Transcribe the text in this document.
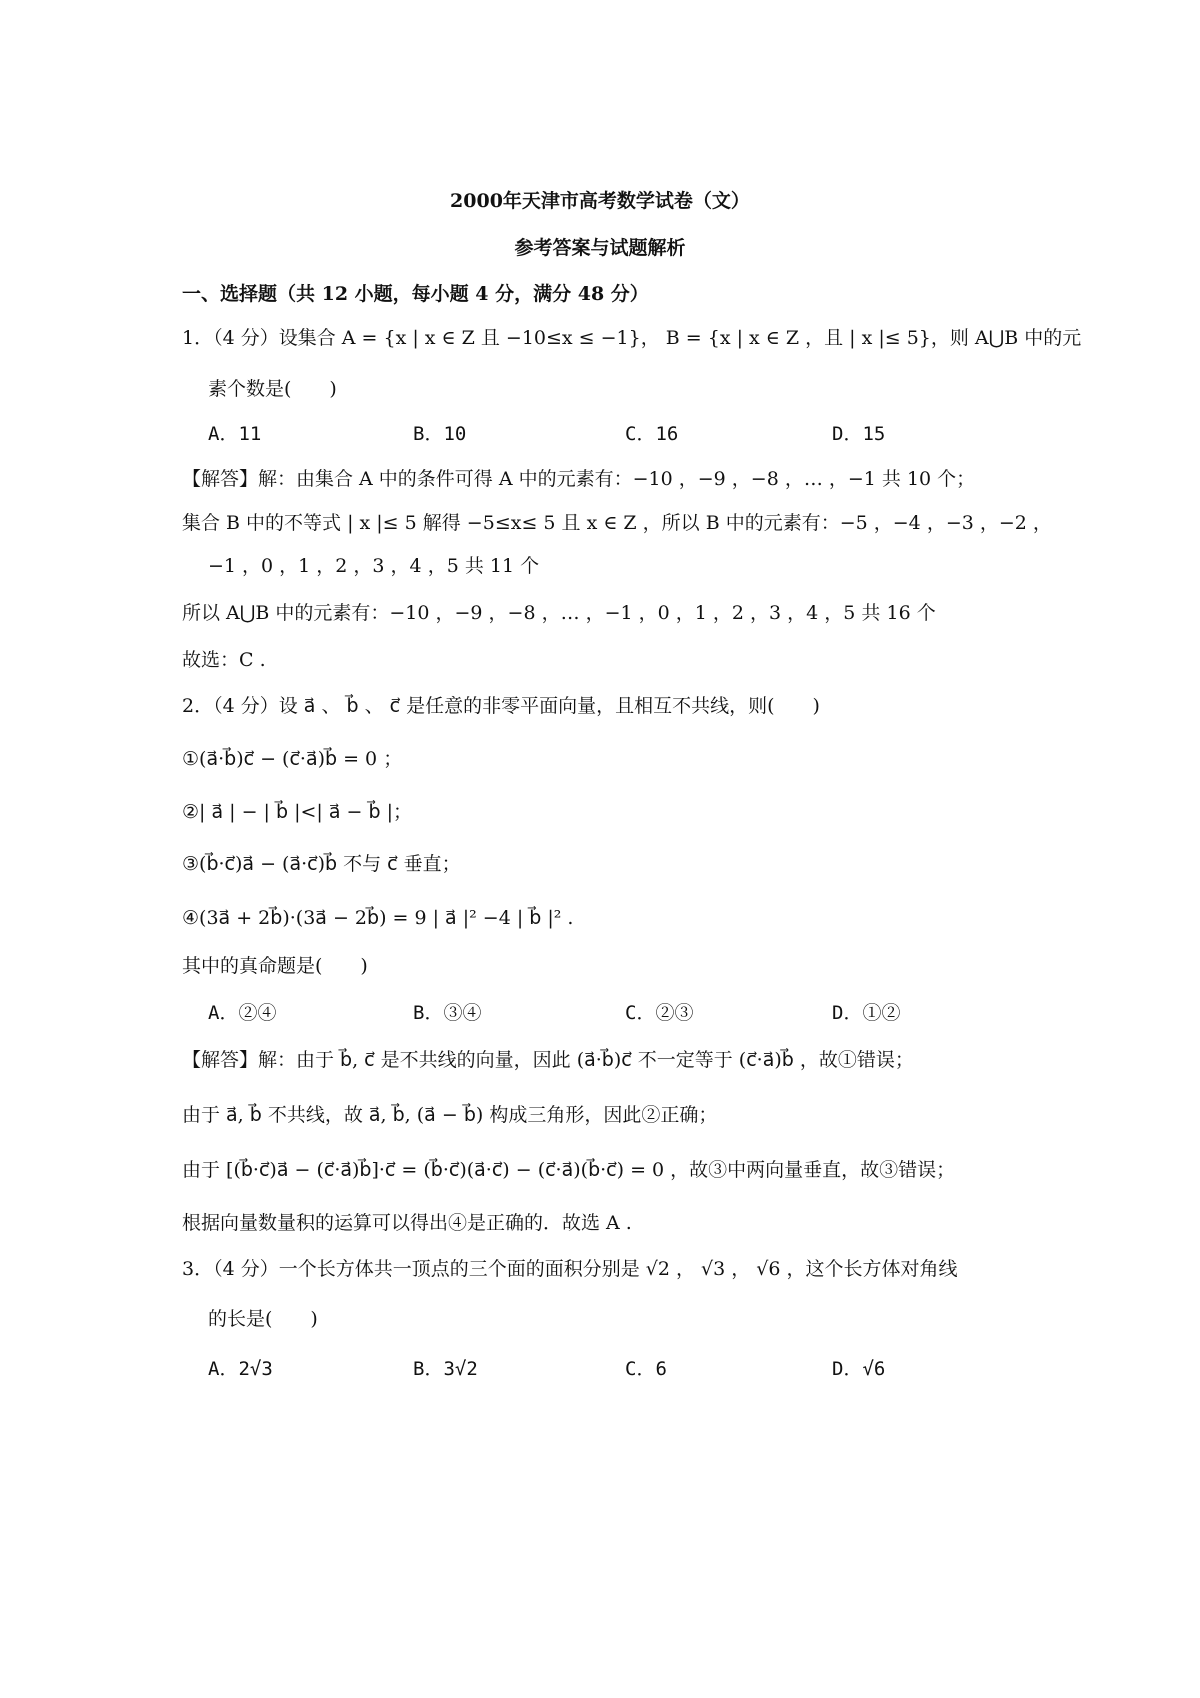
2000年天津市高考数学试卷（文）
参考答案与试题解析
一、选择题（共 12 小题，每小题 4 分，满分 48 分）
1．（4 分）设集合 A = {x | x ∈ Z 且 −10≤x ≤ −1}， B = {x | x ∈ Z ，且 | x |≤ 5}，则 A⋃B 中的元
素个数是(　　)
A．11	B．10	C．16	D．15
【解答】解：由集合 A 中的条件可得 A 中的元素有：−10 ，−9 ，−8 ，… ，−1 共 10 个；
集合 B 中的不等式 | x |≤ 5 解得 −5≤x≤ 5 且 x ∈ Z ，所以 B 中的元素有：−5 ，−4 ，−3 ，−2 ，
−1 ，0 ，1 ，2 ，3 ，4 ，5 共 11 个
所以 A⋃B 中的元素有：−10 ，−9 ，−8 ，… ，−1 ，0 ，1 ，2 ，3 ，4 ，5 共 16 个
故选：C .
2．（4 分）设 a⃗ 、 b⃗ 、 c⃗ 是任意的非零平面向量，且相互不共线，则(　　)
①(a⃗·b⃗)c⃗ − (c⃗·a⃗)b⃗ = 0 ；
②| a⃗ | − | b⃗ |<| a⃗ − b⃗ |；
③(b⃗·c⃗)a⃗ − (a⃗·c⃗)b⃗ 不与 c⃗ 垂直；
④(3a⃗ + 2b⃗)·(3a⃗ − 2b⃗) = 9 | a⃗ |² −4 | b⃗ |² .
其中的真命题是(　　)
A．②④	B．③④	C．②③	D．①②
【解答】解：由于 b⃗, c⃗ 是不共线的向量，因此 (a⃗·b⃗)c⃗ 不一定等于 (c⃗·a⃗)b⃗ ，故①错误；
由于 a⃗, b⃗ 不共线，故 a⃗, b⃗, (a⃗ − b⃗) 构成三角形，因此②正确；
由于 [(b⃗·c⃗)a⃗ − (c⃗·a⃗)b⃗]·c⃗ = (b⃗·c⃗)(a⃗·c⃗) − (c⃗·a⃗)(b⃗·c⃗) = 0 ，故③中两向量垂直，故③错误；
根据向量数量积的运算可以得出④是正确的．故选 A .
3．（4 分）一个长方体共一顶点的三个面的面积分别是 √2 ， √3 ， √6 ，这个长方体对角线
的长是(　　)
A．2√3	B．3√2	C．6	D．√6
